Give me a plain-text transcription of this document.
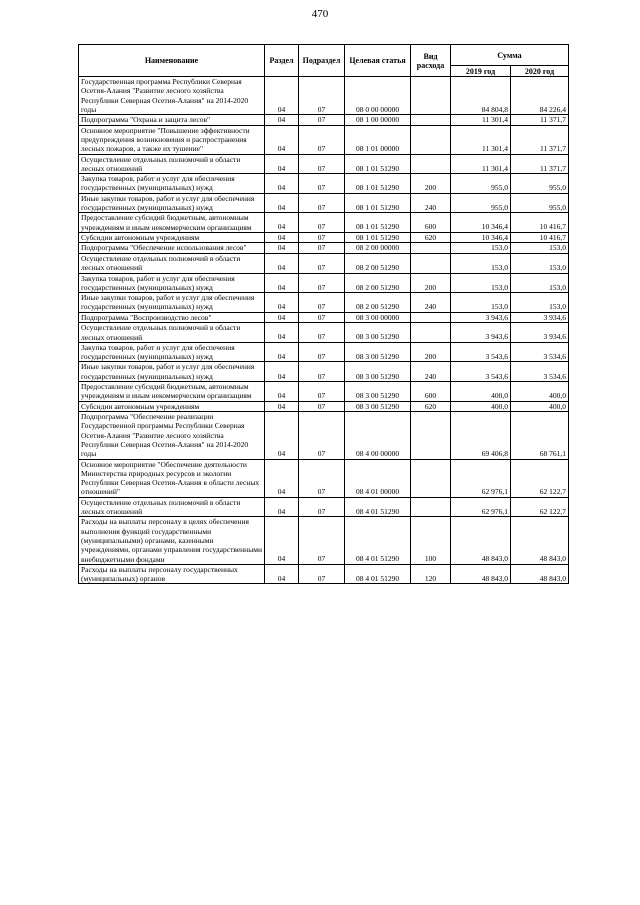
470
Наименование	Раздел	Подраздел	Целевая статья	Вид расхода	Сумма	
					2019 год	2020 год
Государственная программа Республики Северная Осетия-Алания "Развитие лесного хозяйства Республики Северная Осетия-Алания" на 2014-2020 годы	04	07	08 0 00 00000		84 804,8	84 226,4
Подпрограмма "Охрана и защита лесов"	04	07	08 1 00 00000		11 301,4	11 371,7
Основное мероприятие "Повышение эффективности предупреждения возникновения и распространения лесных пожаров, а также их тушение"	04	07	08 1 01 00000		11 301,4	11 371,7
Осуществление отдельных полномочий в области лесных отношений	04	07	08 1 01 51290		11 301,4	11 371,7
Закупка товаров, работ и услуг для обеспечения государственных (муниципальных) нужд	04	07	08 1 01 51290	200	955,0	955,0
Иные закупки товаров, работ и услуг для обеспечения государственных (муниципальных) нужд	04	07	08 1 01 51290	240	955,0	955,0
Предоставление субсидий бюджетным, автономным учреждениям и иным некоммерческим организациям	04	07	08 1 01 51290	600	10 346,4	10 416,7
Субсидии автономным учреждениям	04	07	08 1 01 51290	620	10 346,4	10 416,7
Подпрограмма "Обеспечение использования лесов"	04	07	08 2 00 00000		153,0	153,0
Осуществление отдельных полномочий в области лесных отношений	04	07	08 2 00 51290		153,0	153,0
Закупка товаров, работ и услуг для обеспечения государственных (муниципальных) нужд	04	07	08 2 00 51290	200	153,0	153,0
Иные закупки товаров, работ и услуг для обеспечения государственных (муниципальных) нужд	04	07	08 2 00 51290	240	153,0	153,0
Подпрограмма "Воспроизводство лесов"	04	07	08 3 00 00000		3 943,6	3 934,6
Осуществление отдельных полномочий в области лесных отношений	04	07	08 3 00 51290		3 943,6	3 934,6
Закупка товаров, работ и услуг для обеспечения государственных (муниципальных) нужд	04	07	08 3 00 51290	200	3 543,6	3 534,6
Иные закупки товаров, работ и услуг для обеспечения государственных (муниципальных) нужд	04	07	08 3 00 51290	240	3 543,6	3 534,6
Предоставление субсидий бюджетным, автономным учреждениям и иным некоммерческим организациям	04	07	08 3 00 51290	600	400,0	400,0
Субсидии автономным учреждениям	04	07	08 3 00 51290	620	400,0	400,0
Подпрограмма "Обеспечение реализации Государственной программы Республики Северная Осетия-Алания "Развитие лесного хозяйства Республики Северная Осетия-Алания" на 2014-2020 годы	04	07	08 4 00 00000		69 406,8	68 761,1
Основное мероприятие "Обеспечение деятельности Министерства природных ресурсов и экологии Республики Северная Осетия-Алания в области лесных отношений"	04	07	08 4 01 00000		62 976,1	62 122,7
Осуществление отдельных полномочий в области лесных отношений	04	07	08 4 01 51290		62 976,1	62 122,7
Расходы на выплаты персоналу в целях обеспечения выполнения функций государственными (муниципальными) органами, казенными учреждениями, органами управления государственными внебюджетными фондами	04	07	08 4 01 51290	100	48 843,0	48 843,0
Расходы на выплаты персоналу государственных (муниципальных) органов	04	07	08 4 01 51290	120	48 843,0	48 843,0
